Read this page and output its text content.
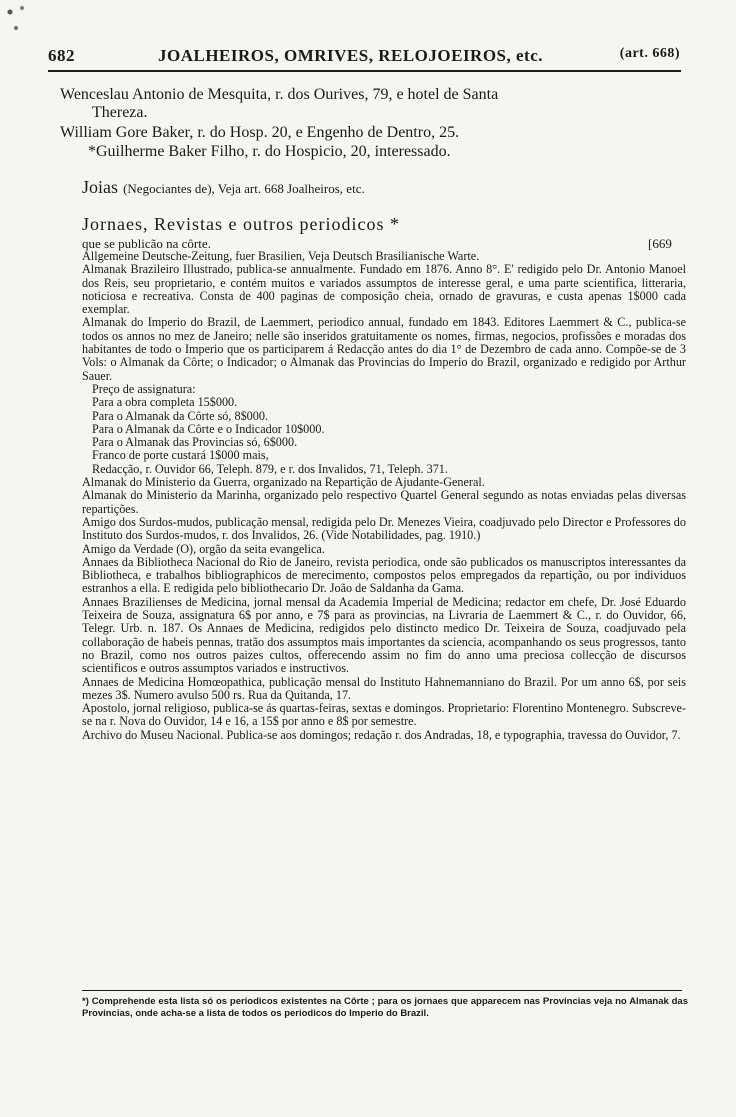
682	JOALHEIROS, OMRIVES, RELOJOEIROS, etc.	(art. 668)
Wenceslau Antonio de Mesquita, r. dos Ourives, 79, e hotel de Santa
Thereza.
William Gore Baker, r. do Hosp. 20, e Engenho de Dentro, 25.
*Guilherme Baker Filho, r. do Hospicio, 20, interessado.
Joias (Negociantes de), Veja art. 668 Joalheiros, etc.
Jornaes, Revistas e outros periodicos *
que se publicão na côrte.	[669

Allgemeine Deutsche-Zeitung, fuer Brasilien, Veja Deutsch Brasilianische Warte.

Almanak Brazileiro Illustrado, publica-se annualmente. Fundado em 1876. Anno 8°. E' redigido pelo Dr. Antonio Manoel dos Reis, seu proprietario, e contém muitos e variados assumptos de interesse geral, e uma parte scientifica, litteraria, noticiosa e recreativa. Consta de 400 paginas de composição cheia, ornado de gravuras, e custa apenas 1$000 cada exemplar.

Almanak do Imperio do Brazil, de Laemmert, periodico annual, fundado em 1843. Editores Laemmert & C., publica-se todos os annos no mez de Janeiro; nelle são inseridos gratuitamente os nomes, firmas, negocios, profissões e moradas dos habitantes de todo o Imperio que os participarem á Redacção antes do dia 1° de Dezembro de cada anno. Compõe-se de 3 Vols: o Almanak da Côrte; o Indicador; o Almanak das Provincias do Imperio do Brazil, organizado e redigido por Arthur Sauer.

Preço de assignatura:

Para a obra completa 15$000.

Para o Almanak da Côrte só, 8$000.

Para o Almanak da Côrte e o Indicador 10$000.

Para o Almanak das Provincias só, 6$000.

Franco de porte custará 1$000 mais,

Redacção, r. Ouvidor 66, Teleph. 879, e r. dos Invalidos, 71, Teleph. 371.

Almanak do Ministerio da Guerra, organizado na Repartição de Ajudante-General.

Almanak do Ministerio da Marinha, organizado pelo respectivo Quartel General segundo as notas enviadas pelas diversas repartições.

Amigo dos Surdos-mudos, publicação mensal, redigida pelo Dr. Menezes Vieira, coadjuvado pelo Director e Professores do Instituto dos Surdos-mudos, r. dos Invalidos, 26. (Vide Notabilidades, pag. 1910.)

Amigo da Verdade (O), orgão da seita evangelica.

Annaes da Bibliotheca Nacional do Rio de Janeiro, revista periodica, onde são publicados os manuscriptos interessantes da Bibliotheca, e trabalhos bibliographicos de merecimento, compostos pelos empregados da repartição, ou por individuos estranhos a ella. E redigida pelo bibliothecario Dr. João de Saldanha da Gama.

Annaes Brazilienses de Medicina, jornal mensal da Academia Imperial de Medicina; redactor em chefe, Dr. José Eduardo Teixeira de Souza, assignatura 6$ por anno, e 7$ para as provincias, na Livraria de Laemmert & C., r. do Ouvidor, 66, Telegr. Urb. n. 187. Os Annaes de Medicina, redigidos pelo distincto medico Dr. Teixeira de Souza, coadjuvado pela collaboração de habeis pennas, tratão dos assumptos mais importantes da sciencia, acompanhando os seus progressos, tanto no Brazil, como nos outros paizes cultos, offerecendo assim no fim do anno uma preciosa collecção de discursos scientificos e outros assumptos variados e instructivos.

Annaes de Medicina Homœopathica, publicação mensal do Instituto Hahnemanniano do Brazil. Por um anno 6$, por seis mezes 3$. Numero avulso 500 rs. Rua da Quitanda, 17.

Apostolo, jornal religioso, publica-se ás quartas-feiras, sextas e domingos. Proprietario: Florentino Montenegro. Subscreve-se na r. Nova do Ouvidor, 14 e 16, a 15$ por anno e 8$ por semestre.

Archivo do Museu Nacional. Publica-se aos domingos; redação r. dos Andradas, 18, e typographia, travessa do Ouvidor, 7.

*) Comprehende esta lista só os periodicos existentes na Côrte ; para os jornaes que apparecem nas Provincias veja no Almanak das Provincias, onde acha-se a lista de todos os periodicos do Imperio do Brazil.
